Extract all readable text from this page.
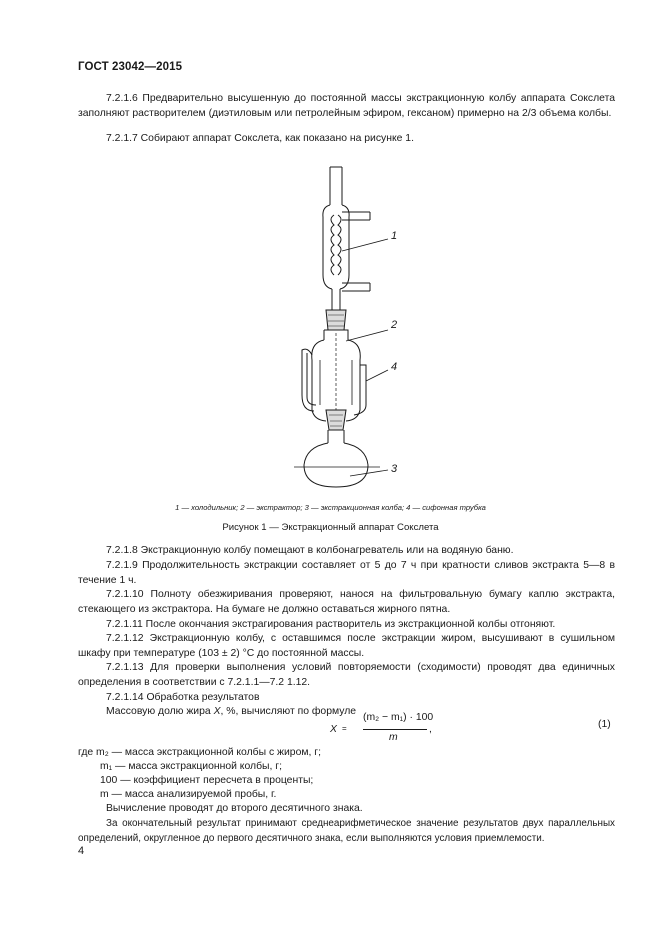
ГОСТ 23042—2015

7.2.1.6 Предварительно высушенную до постоянной массы экстракционную колбу аппарата Сокслета заполняют растворителем (диэтиловым или петролейным эфиром, гексаном) примерно на 2/3 объема колбы.

7.2.1.7 Собирают аппарат Сокслета, как показано на рисунке 1.

1
2
3
4
1 — холодильник; 2 — экстрактор; 3 — экстракционная колба; 4 — сифонная трубка
Рисунок 1 — Экстракционный аппарат Сокслета

7.2.1.8 Экстракционную колбу помещают в колбонагреватель или на водяную баню.

7.2.1.9 Продолжительность экстракции составляет от 5 до 7 ч при кратности сливов экстракта 5—8 в течение 1 ч.

7.2.1.10 Полноту обезжиривания проверяют, нанося на фильтровальную бумагу каплю экстракта, стекающего из экстрактора. На бумаге не должно оставаться жирного пятна.

7.2.1.11 После окончания экстрагирования растворитель из экстракционной колбы отгоняют.

7.2.1.12 Экстракционную колбу, с оставшимся после экстракции жиром, высушивают в сушильном шкафу при температуре (103 ± 2) °С до постоянной массы.

7.2.1.13 Для проверки выполнения условий повторяемости (сходимости) проводят два единичных определения в соответствии с 7.2.1.1—7.2 1.12.

7.2.1.14 Обработка результатов

Массовую долю жира X, %, вычисляют по формуле

X =
(m₂ − m₁) · 100
m
,	(1)

где m₂ — масса экстракционной колбы с жиром, г;

m₁ — масса экстракционной колбы, г;

100 — коэффициент пересчета в проценты;

m — масса анализируемой пробы, г.

Вычисление проводят до второго десятичного знака.

За окончательный результат принимают среднеарифметическое значение результатов двух параллельных определений, округленное до первого десятичного знака, если выполняются условия приемлемости.

4
